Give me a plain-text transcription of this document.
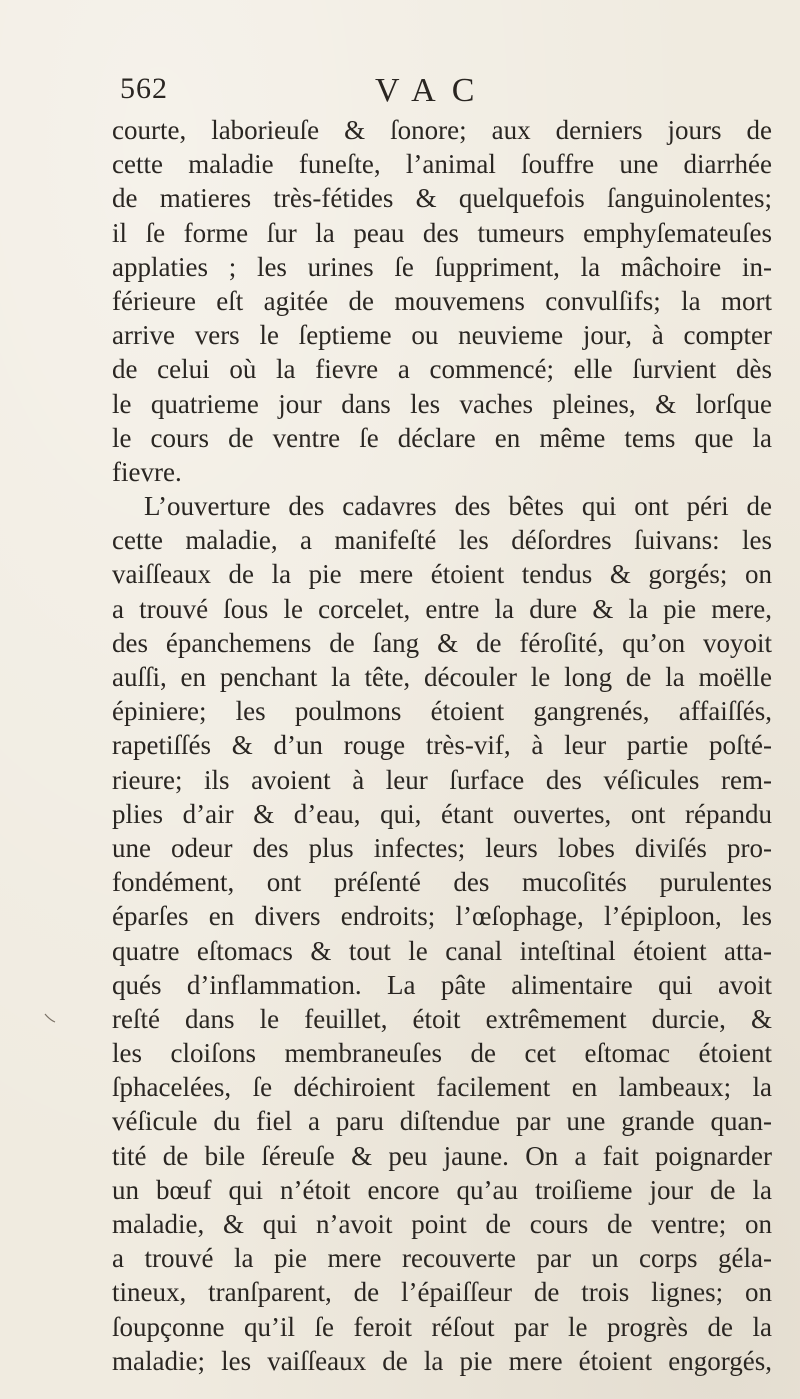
562	VAC
courte, laborieuſe & ſonore; aux derniers jours de
cette maladie funeſte, l’animal ſouffre une diarrhée
de matieres très-fétides & quelquefois ſanguinolentes;
il ſe forme ſur la peau des tumeurs emphyſemateuſes
applaties ; les urines ſe ſuppriment, la mâchoire in-
férieure eſt agitée de mouvemens convulſifs; la mort
arrive vers le ſeptieme ou neuvieme jour, à compter
de celui où la fievre a commencé; elle ſurvient dès
le quatrieme jour dans les vaches pleines, & lorſque
le cours de ventre ſe déclare en même tems que la
fievre.
L’ouverture des cadavres des bêtes qui ont péri de
cette maladie, a manifeſté les déſordres ſuivans: les
vaiſſeaux de la pie mere étoient tendus & gorgés; on
a trouvé ſous le corcelet, entre la dure & la pie mere,
des épanchemens de ſang & de féroſité, qu’on voyoit
auſſi, en penchant la tête, découler le long de la moëlle
épiniere; les poulmons étoient gangrenés, affaiſſés,
rapetiſſés & d’un rouge très-vif, à leur partie poſté-
rieure; ils avoient à leur ſurface des véſicules rem-
plies d’air & d’eau, qui, étant ouvertes, ont répandu
une odeur des plus infectes; leurs lobes diviſés pro-
fondément, ont préſenté des mucoſités purulentes
éparſes en divers endroits; l’œſophage, l’épiploon, les
quatre eſtomacs & tout le canal inteſtinal étoient atta-
qués d’inflammation. La pâte alimentaire qui avoit
reſté dans le feuillet, étoit extrêmement durcie, &
les cloiſons membraneuſes de cet eſtomac étoient
ſphacelées, ſe déchiroient facilement en lambeaux; la
véſicule du fiel a paru diſtendue par une grande quan-
tité de bile ſéreuſe & peu jaune. On a fait poignarder
un bœuf qui n’étoit encore qu’au troiſieme jour de la
maladie, & qui n’avoit point de cours de ventre; on
a trouvé la pie mere recouverte par un corps géla-
tineux, tranſparent, de l’épaiſſeur de trois lignes; on
ſoupçonne qu’il ſe feroit réſout par le progrès de la
maladie; les vaiſſeaux de la pie mere étoient engorgés,
